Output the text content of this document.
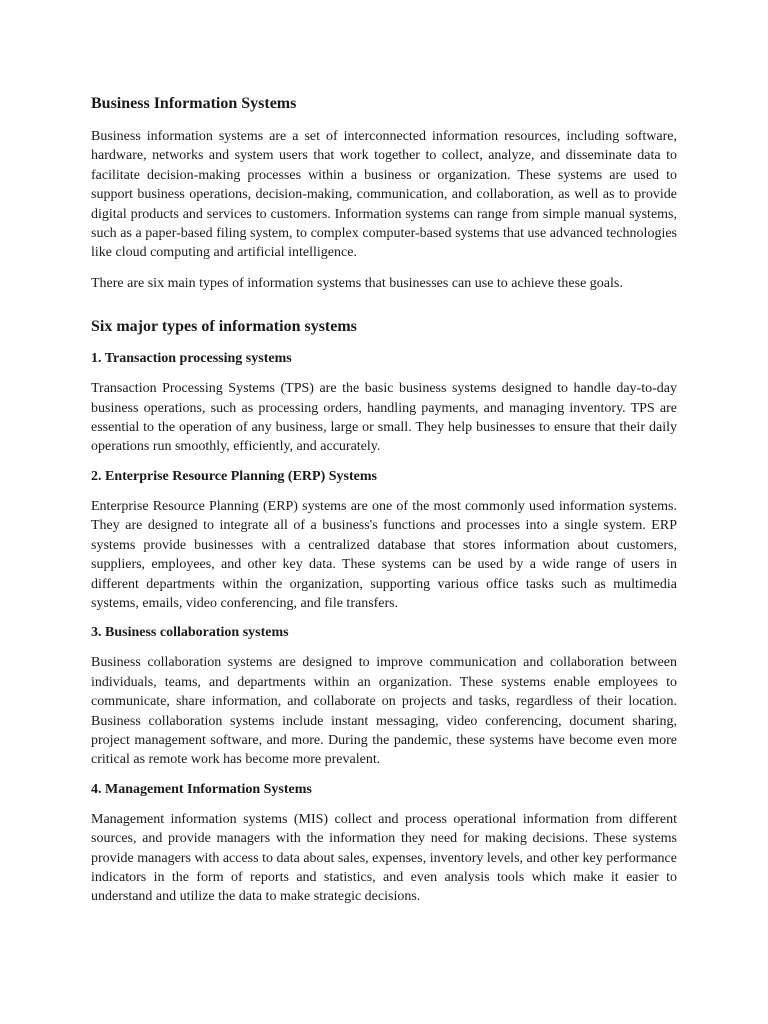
Business Information Systems

Business information systems are a set of interconnected information resources, including software, hardware, networks and system users that work together to collect, analyze, and disseminate data to facilitate decision-making processes within a business or organization. These systems are used to support business operations, decision-making, communication, and collaboration, as well as to provide digital products and services to customers. Information systems can range from simple manual systems, such as a paper-based filing system, to complex computer-based systems that use advanced technologies like cloud computing and artificial intelligence.

There are six main types of information systems that businesses can use to achieve these goals.

Six major types of information systems
1. Transaction processing systems

Transaction Processing Systems (TPS) are the basic business systems designed to handle day-to-day business operations, such as processing orders, handling payments, and managing inventory. TPS are essential to the operation of any business, large or small. They help businesses to ensure that their daily operations run smoothly, efficiently, and accurately.

2. Enterprise Resource Planning (ERP) Systems

Enterprise Resource Planning (ERP) systems are one of the most commonly used information systems. They are designed to integrate all of a business's functions and processes into a single system. ERP systems provide businesses with a centralized database that stores information about customers, suppliers, employees, and other key data. These systems can be used by a wide range of users in different departments within the organization, supporting various office tasks such as multimedia systems, emails, video conferencing, and file transfers.

3. Business collaboration systems

Business collaboration systems are designed to improve communication and collaboration between individuals, teams, and departments within an organization. These systems enable employees to communicate, share information, and collaborate on projects and tasks, regardless of their location. Business collaboration systems include instant messaging, video conferencing, document sharing, project management software, and more. During the pandemic, these systems have become even more critical as remote work has become more prevalent.

4. Management Information Systems

Management information systems (MIS) collect and process operational information from different sources, and provide managers with the information they need for making decisions. These systems provide managers with access to data about sales, expenses, inventory levels, and other key performance indicators in the form of reports and statistics, and even analysis tools which make it easier to understand and utilize the data to make strategic decisions.
